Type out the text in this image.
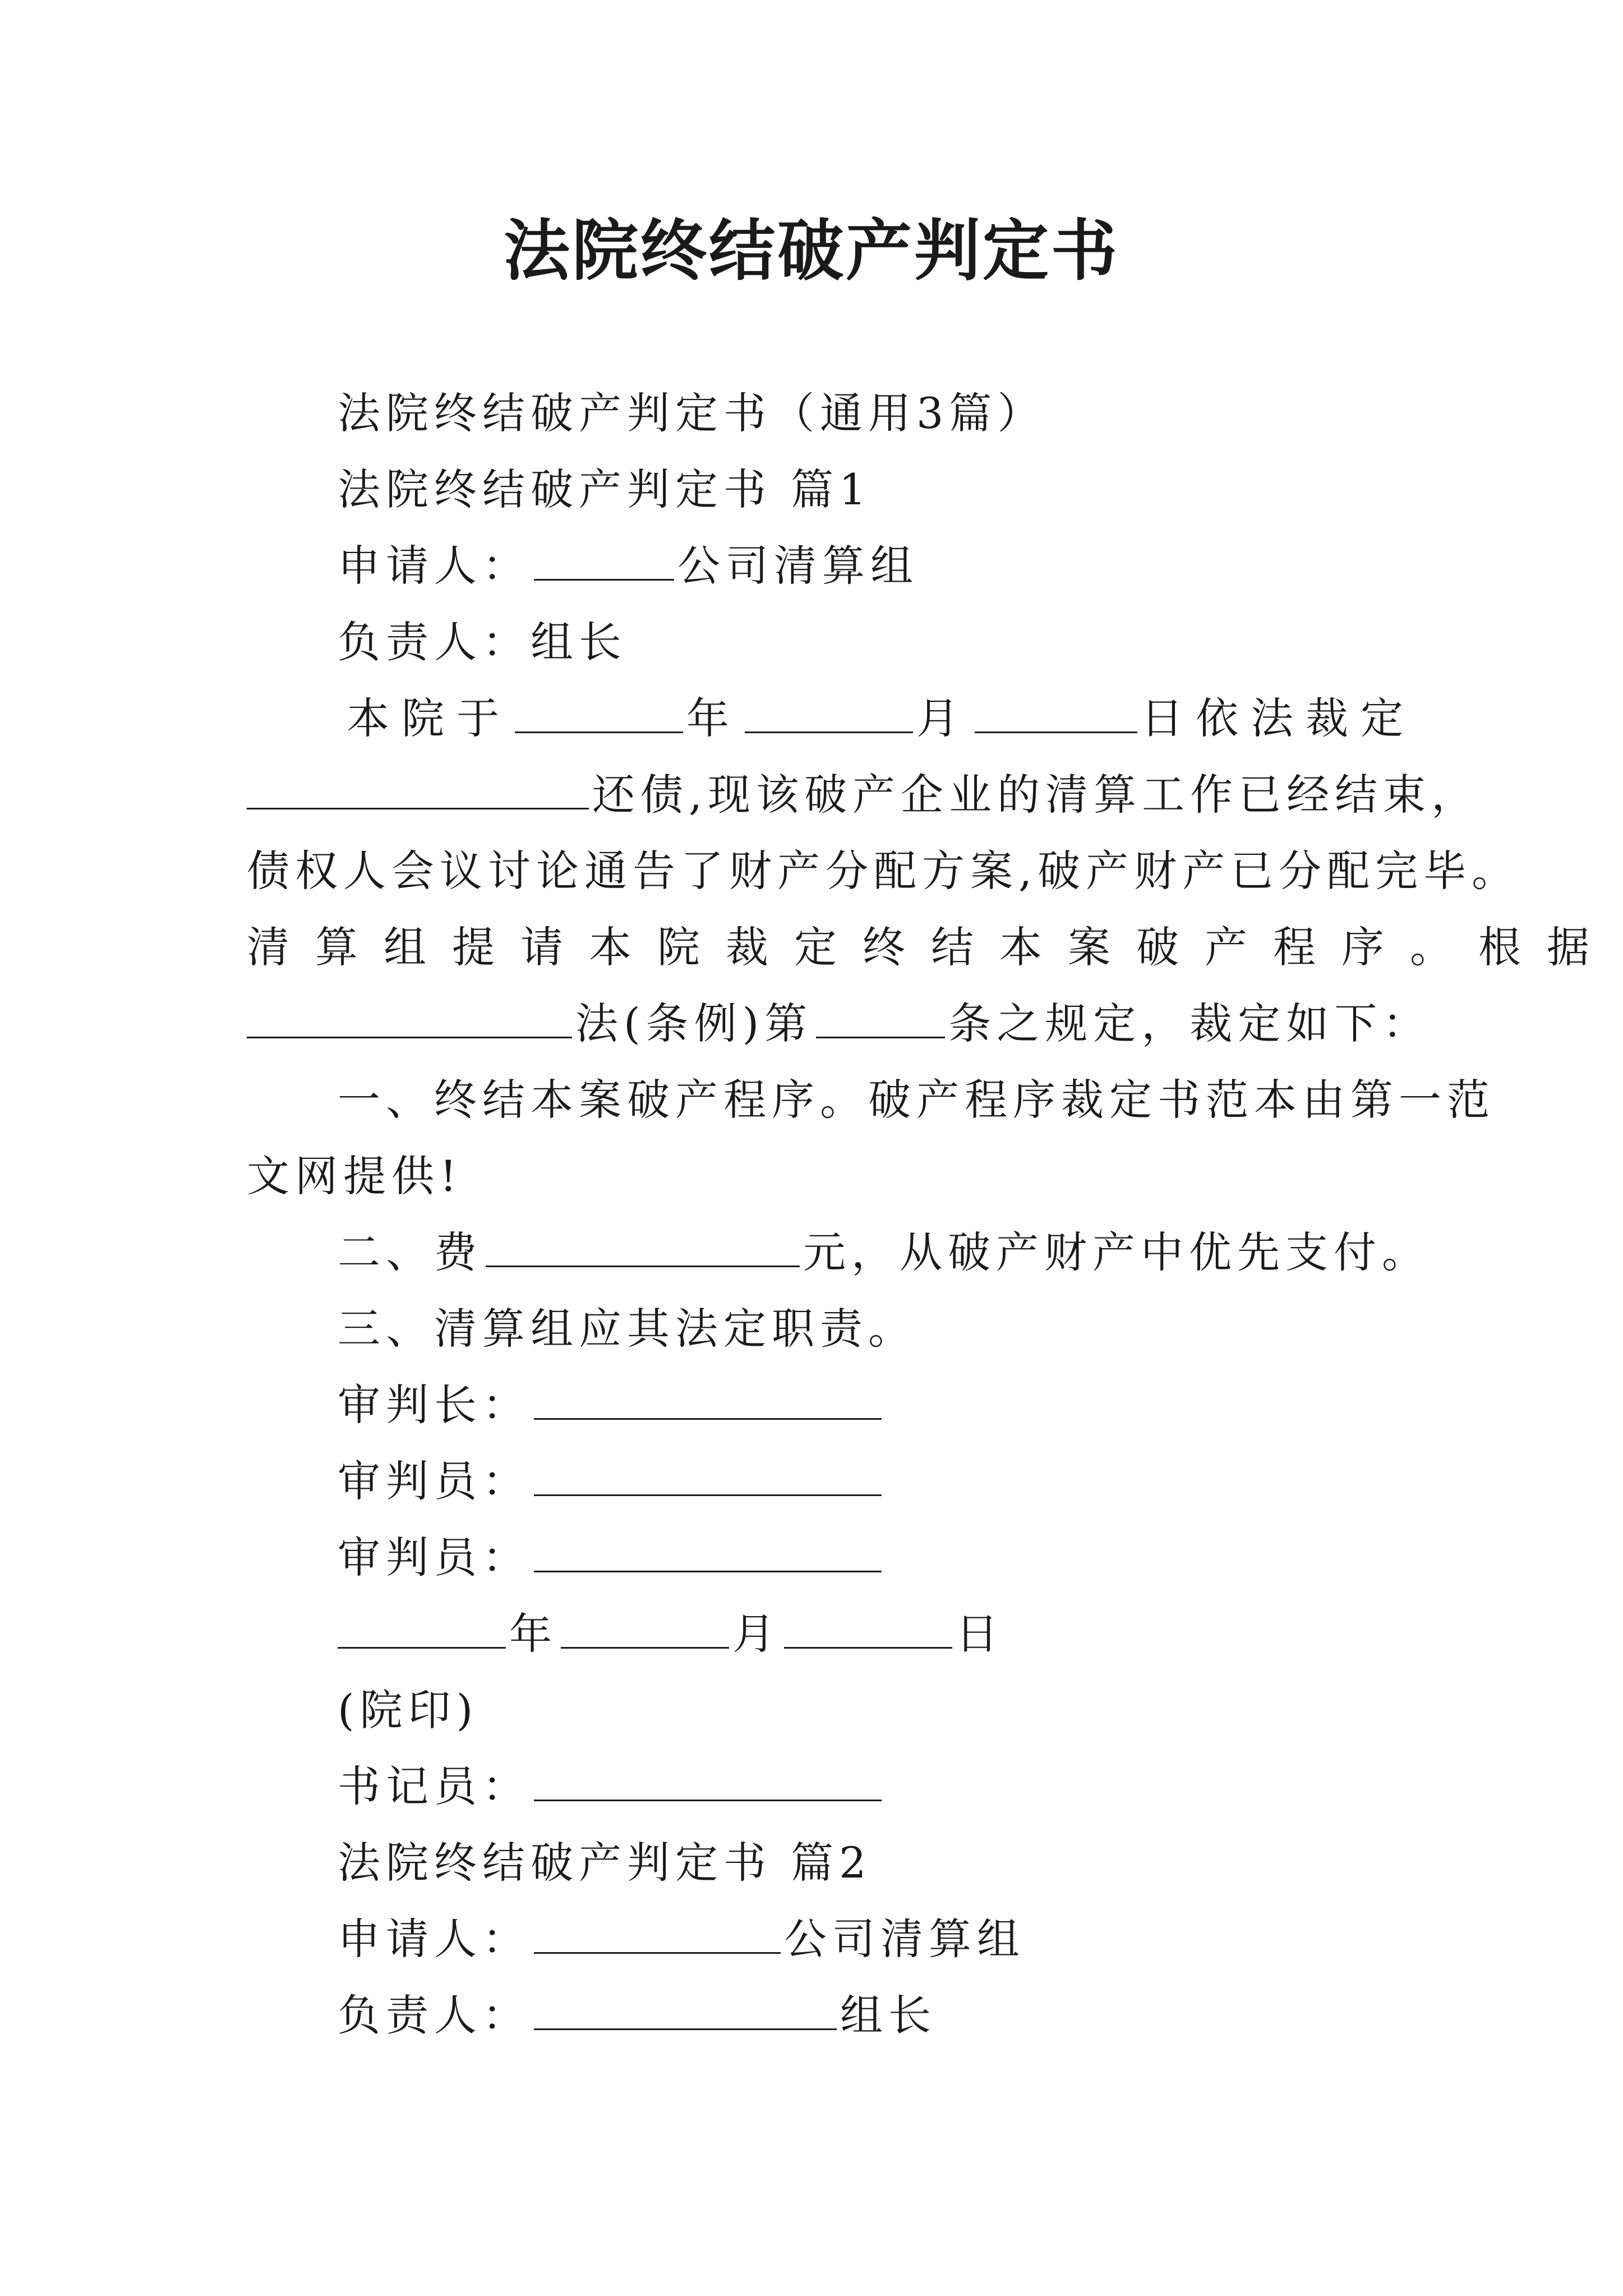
法院终结破产判定书
法院终结破产判定书（通用3篇）
法院终结破产判定书 篇1
申请人：	公司清算组
负责人：组长
本院于	年	月	日依法裁定
还债,现该破产企业的清算工作已经结束，
债权人会议讨论通告了财产分配方案,破产财产已分配完毕。
清算组提请本院裁定终结本案破产程序。根据
法(条例)第	条之规定，裁定如下：
一、终结本案破产程序。破产程序裁定书范本由第一范
文网提供!
二、费	元，从破产财产中优先支付。
三、清算组应其法定职责。
审判长：
审判员：
审判员：
年	月	日
(院印)
书记员：
法院终结破产判定书 篇2
申请人：	公司清算组
负责人：	组长
